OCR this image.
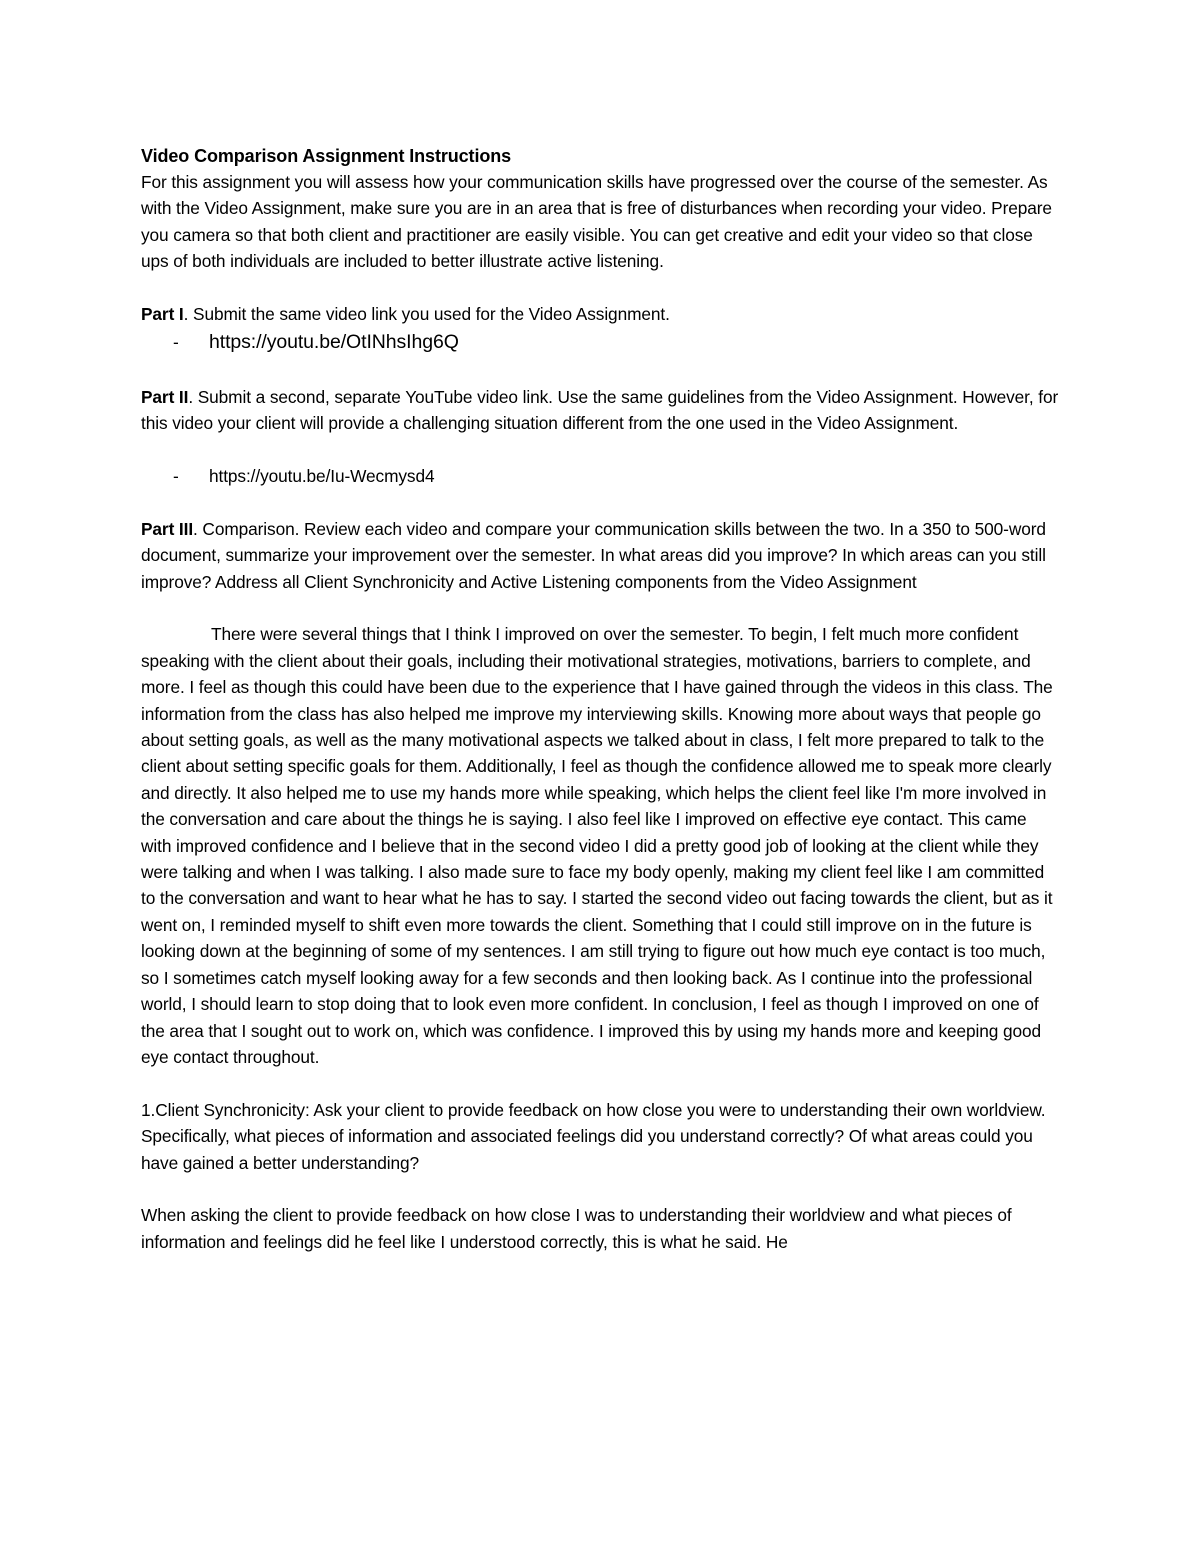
Video Comparison Assignment Instructions

For this assignment you will assess how your communication skills have progressed over the course of the semester. As with the Video Assignment, make sure you are in an area that is free of disturbances when recording your video. Prepare you camera so that both client and practitioner are easily visible. You can get creative and edit your video so that close ups of both individuals are included to better illustrate active listening.

Part I. Submit the same video link you used for the Video Assignment.

-	https://youtu.be/OtINhsIhg6Q

Part II. Submit a second, separate YouTube video link. Use the same guidelines from the Video Assignment. However, for this video your client will provide a challenging situation different from the one used in the Video Assignment.

-	https://youtu.be/Iu-Wecmysd4

Part III. Comparison. Review each video and compare your communication skills between the two. In a 350 to 500-word document, summarize your improvement over the semester. In what areas did you improve? In which areas can you still improve? Address all Client Synchronicity and Active Listening components from the Video Assignment

There were several things that I think I improved on over the semester. To begin, I felt much more confident speaking with the client about their goals, including their motivational strategies, motivations, barriers to complete, and more. I feel as though this could have been due to the experience that I have gained through the videos in this class. The information from the class has also helped me improve my interviewing skills. Knowing more about ways that people go about setting goals, as well as the many motivational aspects we talked about in class, I felt more prepared to talk to the client about setting specific goals for them. Additionally, I feel as though the confidence allowed me to speak more clearly and directly. It also helped me to use my hands more while speaking, which helps the client feel like I'm more involved in the conversation and care about the things he is saying. I also feel like I improved on effective eye contact. This came with improved confidence and I believe that in the second video I did a pretty good job of looking at the client while they were talking and when I was talking. I also made sure to face my body openly, making my client feel like I am committed to the conversation and want to hear what he has to say. I started the second video out facing towards the client, but as it went on, I reminded myself to shift even more towards the client. Something that I could still improve on in the future is looking down at the beginning of some of my sentences. I am still trying to figure out how much eye contact is too much, so I sometimes catch myself looking away for a few seconds and then looking back. As I continue into the professional world, I should learn to stop doing that to look even more confident. In conclusion, I feel as though I improved on one of the area that I sought out to work on, which was confidence. I improved this by using my hands more and keeping good eye contact throughout.

1.Client Synchronicity: Ask your client to provide feedback on how close you were to understanding their own worldview. Specifically, what pieces of information and associated feelings did you understand correctly? Of what areas could you have gained a better understanding?

When asking the client to provide feedback on how close I was to understanding their worldview and what pieces of information and feelings did he feel like I understood correctly, this is what he said. He
